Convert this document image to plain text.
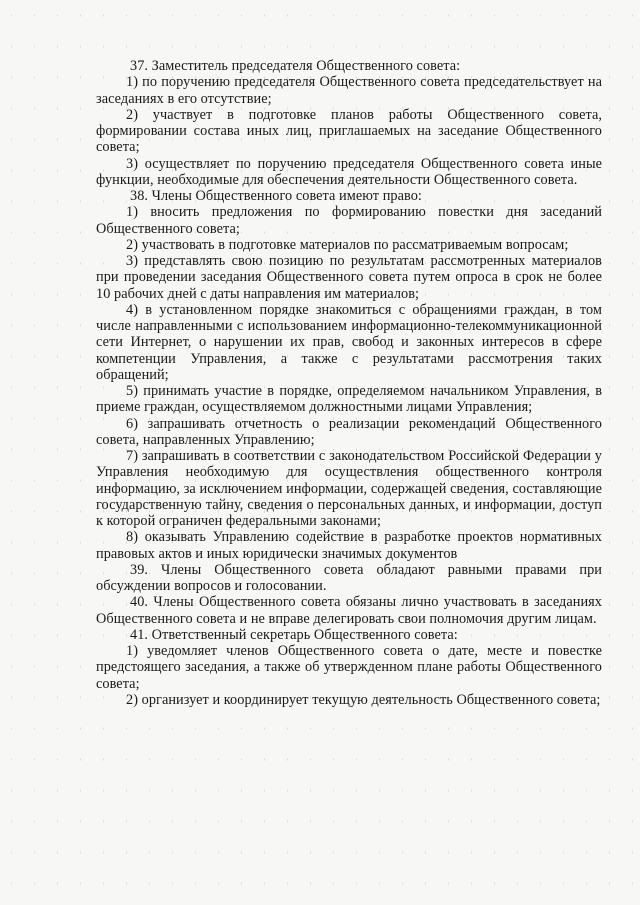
37. Заместитель председателя Общественного совета:

1) по поручению председателя Общественного совета председательствует на заседаниях в его отсутствие;

2) участвует в подготовке планов работы Общественного совета, формировании состава иных лиц, приглашаемых на заседание Общественного совета;

3) осуществляет по поручению председателя Общественного совета иные функции, необходимые для обеспечения деятельности Общественного совета.

38. Члены Общественного совета имеют право:

1) вносить предложения по формированию повестки дня заседаний Общественного совета;

2) участвовать в подготовке материалов по рассматриваемым вопросам;

3) представлять свою позицию по результатам рассмотренных материалов при проведении заседания Общественного совета путем опроса в срок не более 10 рабочих дней с даты направления им материалов;

4) в установленном порядке знакомиться с обращениями граждан, в том числе направленными с использованием информационно-телекоммуникационной сети Интернет, о нарушении их прав, свобод и законных интересов в сфере компетенции Управления, а также с результатами рассмотрения таких обращений;

5) принимать участие в порядке, определяемом начальником Управления, в приеме граждан, осуществляемом должностными лицами Управления;

6) запрашивать отчетность о реализации рекомендаций Общественного совета, направленных Управлению;

7) запрашивать в соответствии с законодательством Российской Федерации у Управления необходимую для осуществления общественного контроля информацию, за исключением информации, содержащей сведения, составляющие государственную тайну, сведения о персональных данных, и информации, доступ к которой ограничен федеральными законами;

8) оказывать Управлению содействие в разработке проектов нормативных правовых актов и иных юридически значимых документов

39. Члены Общественного совета обладают равными правами при обсуждении вопросов и голосовании.

40. Члены Общественного совета обязаны лично участвовать в заседаниях Общественного совета и не вправе делегировать свои полномочия другим лицам.

41. Ответственный секретарь Общественного совета:

1) уведомляет членов Общественного совета о дате, месте и повестке предстоящего заседания, а также об утвержденном плане работы Общественного совета;

2) организует и координирует текущую деятельность Общественного совета;
